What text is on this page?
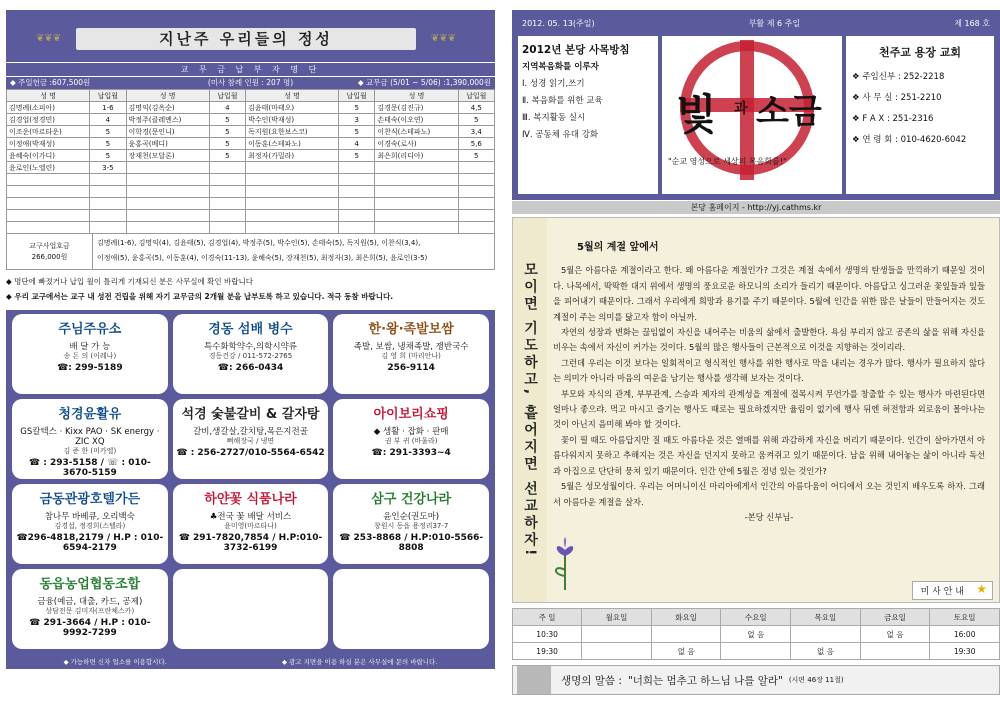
❦❦❦	지난주 우리들의 정성	❦❦❦
교 무 금 납 부 자 명 단
◆ 주일헌금 :607,500원	(미사 참례 인원 : 207 명)	◆ 교무금 (5/01 ~ 5/06) :1,390,000원
성 명	납입월	성 명	납입월	성 명	납입월	성 명	납입월
김명례(소피아)	1-6	김명익(김옥순)	4	김윤태(마태오)	5	김경문(김진규)	4,5
김경업(정경민)	4	박정주(클레멘스)	5	박수인(박재성)	3	손태숙(이오연)	5
이조운(마르타운)	5	이학경(문인니)	5	독지원(요한보스코)	5	이찬식(스테파노)	3,4
이정애(박재성)	5	윤홍곡(베디)	5	이동훈(스테파노)	4	이경숙(로사)	5,6
윤혜숙(이가디)	5	장재천(모달론)	5	최정자(가밀라)	5	최은희(리디아)	5
윤로인(노엘린)	3-5						

교구사업호금
266,000원
김명례(1-6), 김명익(4), 김윤태(5), 김경업(4), 박정주(5), 박수인(5), 손태숙(5), 독지원(5), 이찬식(3,4),
이정애(5), 윤홍곡(5), 이동훈(4), 이경숙(11-13), 윤혜숙(5), 장재천(5), 최정자(3), 최은희(5), 윤로인(3-5)
◆ 명단에 빠졌거나 납입 월이 틀리게 기재되신 분은 사무실에 확인 바랍니다
◆ 우리 교구에서는 교구 내 성전 건립을 위해 자기 교무금의 2개월 분을 납부토록 하고 있습니다. 적극 동참 바랍니다.
주님주유소
배 달 가 능
송 돈 의 (이레나)
☎: 299-5189
경동 섬배 병수
특수화학약수,의학시약류
경동건강 / 011-572-2765
☎: 266-0434
한·왕·족발보쌈
족발, 보쌈, 냉채족발, 쟁반국수
김 영 희 (마리안나)
256-9114
청경윤활유
GS칼텍스 · Kixx PAO · SK energy · ZIC XQ
김 준 한 (미카엘)
☎ : 293-5158 / ☏ : 010-3670-5159
석경 숯불갈비 & 갈자탕
갈비,생갈살,갈치탕,목은지전골
뼈해장국 / 냉면
☎ : 256-2727/010-5564-6542
아이보리쇼핑
◆ 생활 · 잡화 · 판매
권 부 귀 (바울라)
☎: 291-3393~4
금동관광호텔가든
참나무 바베큐, 오리백숙
김경섭, 정경희(스텔라)
☎296-4818,2179 / H.P : 010-6594-2179
하얀꽃 식품나라
♣전국 꽃 배달 서비스
윤미영(마르타나)
☎ 291-7820,7854 / H.P:010-3732-6199
삼구 건강나라
윤인순(권도마)
창원시 동읍 용정리37-7
☎ 253-8868 / H.P:010-5566-8808
동읍농업협동조합
금융(예금, 대출, 카드, 공제)
상담전문 김미자(프란체스카)
☎ 291-3664 / H.P : 010-9992-7299
◆ 가능하면 신자 업소를 이용합시다.	◆ 광고 지면을 이용 하실 분은 사무실에 문의 바랍니다.
2012. 05. 13(주일)	부활 제 6 주일	제 168 호
2012년 본당 사목방침
지역복음화를 이루자
Ⅰ. 성경 읽기,쓰기
Ⅱ. 복음화를 위한 교육
Ⅲ. 복지활동 실시
Ⅳ. 공동체 유대 강화	빛 과 소금
"순교 영성으로 세상의 복음화를!"
천주교 용장 교회
❖ 주임신부 : 252-2218
❖ 사 무 실 : 251-2210
❖ F A X : 251-2316
❖ 연 령 회 : 010-4620-6042
본당 홈페이지 - http://yj.cathms.kr
모이면 기도하고, 흩어지면 선교하자!
5월의 계절 앞에서

5월은 아름다운 계절이라고 한다. 왜 아름다운 계절인가? 그것은 계절 속에서 생명의 탄생들을 만끽하기 때문일 것이다. 나목에서, 딱딱한 대지 위에서 생명의 풍요로운 하모니의 소리가 들리기 때문이다. 아름답고 싱그러운 꽃잎들과 잎들을 피어내기 때문이다. 그래서 우리에게 희망과 용기를 주기 때문이다. 5월에 인간을 위한 많은 날들이 만들어지는 것도 계절이 주는 의미를 닮고자 함이 아닐까.

자연의 성장과 변화는 끊임없이 자신을 내어주는 비움의 삶에서 출발한다. 욕심 부리지 않고 공존의 삶을 위해 자신을 비우는 속에서 자신이 커가는 것이다. 5월의 많은 행사들이 근본적으로 이것을 지향하는 것이리라.

그런데 우리는 이것 보다는 일회적이고 형식적인 행사를 위한 행사로 막을 내리는 경우가 많다. 행사가 필요하지 않다는 의미가 아니라 마음의 여운을 남기는 행사를 생각해 보자는 것이다.

부모와 자식의 관계, 부부관계, 스승과 제자의 관계성을 계절에 접목시켜 무언가를 창출할 수 있는 행사가 마련된다면 얼마나 좋으랴. 먹고 마시고 즐기는 행사도 때로는 필요하겠지만 율림이 없기에 행사 뒤엔 허전함과 외로움이 몰아나는 것이 아닌지 음미해 봐야 할 것이다.

꽃이 필 때도 아름답지만 질 때도 아름다운 것은 열매를 위해 과감하게 자신을 버리기 때문이다. 인간이 살아가면서 아름다워지지 못하고 추해지는 것은 자신을 던지지 못하고 움켜쥐고 있기 때문이다. 남을 위해 내어놓는 삶이 아니라 독선과 아집으로 단단히 뭉쳐 있기 때문이다. 인간 안에 5월은 정녕 있는 것인가?

5월은 성모성월이다. 우리는 어머니이신 마리아에게서 인간의 아름다움이 어디에서 오는 것인지 배우도록 하자. 그래서 아름다운 계절을 살자.

-본당 신부님-

미 사 안 내 ★
주 일	월요일	화요일	수요일	목요일	금요일	토요일
10:30			없 음		없 음	16:00
19:30		없 음		없 음		19:30
생명의 말씀 : "너희는 멈추고 하느님 나를 알라" (시편 46장 11절)
